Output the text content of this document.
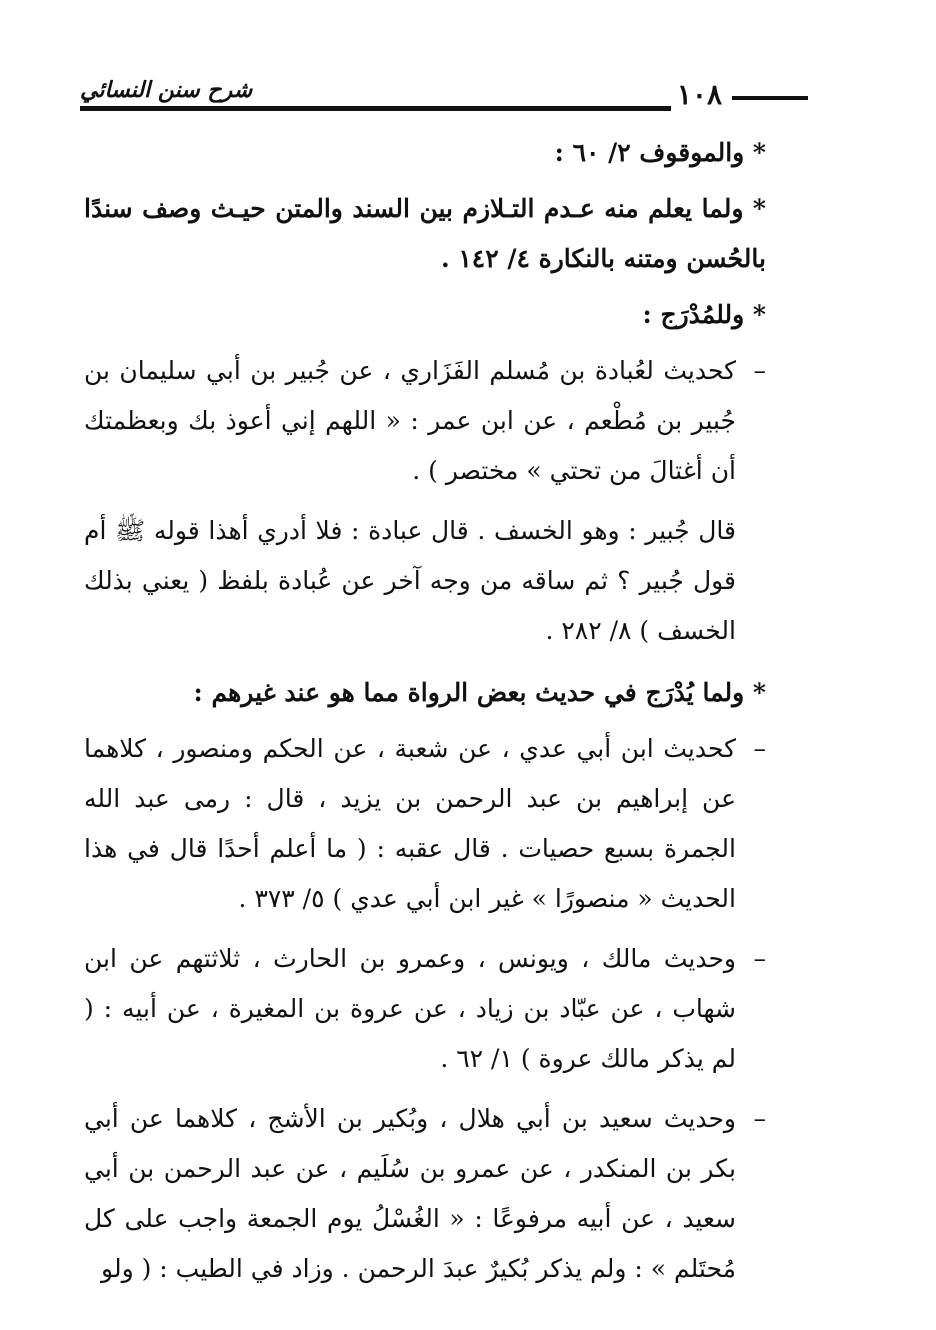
شرح سنن النسائي	١٠٨

* والموقوف ٢/ ٦٠ :

* ولما يعلم منه عـدم التـلازم بين السند والمتن حيـث وصف سندًا بالحُسن ومتنه بالنكارة ٤/ ١٤٢ .

* وللمُدْرَج :

–
كحديث لعُبادة بن مُسلم الفَزَاري ، عن جُبير بن أبي سليمان بن جُبير بن مُطْعم ، عن ابن عمر : « اللهم إني أعوذ بك وبعظمتك أن أغتالَ من تحتي » مختصر ) .

قال جُبير : وهو الخسف . قال عبادة : فلا أدري أهذا قوله ﷺ أم قول جُبير ؟ ثم ساقه من وجه آخر عن عُبادة بلفظ ( يعني بذلك الخسف ) ٨/ ٢٨٢ .

* ولما يُدْرَج في حديث بعض الرواة مما هو عند غيرهم :

–
كحديث ابن أبي عدي ، عن شعبة ، عن الحكم ومنصور ، كلاهما عن إبراهيم بن عبد الرحمن بن يزيد ، قال : رمى عبد الله الجمرة بسبع حصيات . قال عقبه : ( ما أعلم أحدًا قال في هذا الحديث « منصورًا » غير ابن أبي عدي ) ٥/ ٣٧٣ .
–
وحديث مالك ، ويونس ، وعمرو بن الحارث ، ثلاثتهم عن ابن شهاب ، عن عبّاد بن زياد ، عن عروة بن المغيرة ، عن أبيه : ( لم يذكر مالك عروة ) ١/ ٦٢ .
–
وحديث سعيد بن أبي هلال ، وبُكير بن الأشج ، كلاهما عن أبي بكر بن المنكدر ، عن عمرو بن سُلَيم ، عن عبد الرحمن بن أبي سعيد ، عن أبيه مرفوعًا : « الغُسْلُ يوم الجمعة واجب على كل مُحتَلم » : ولم يذكر بُكيرٌ عبدَ الرحمن . وزاد في الطيب : ( ولو
